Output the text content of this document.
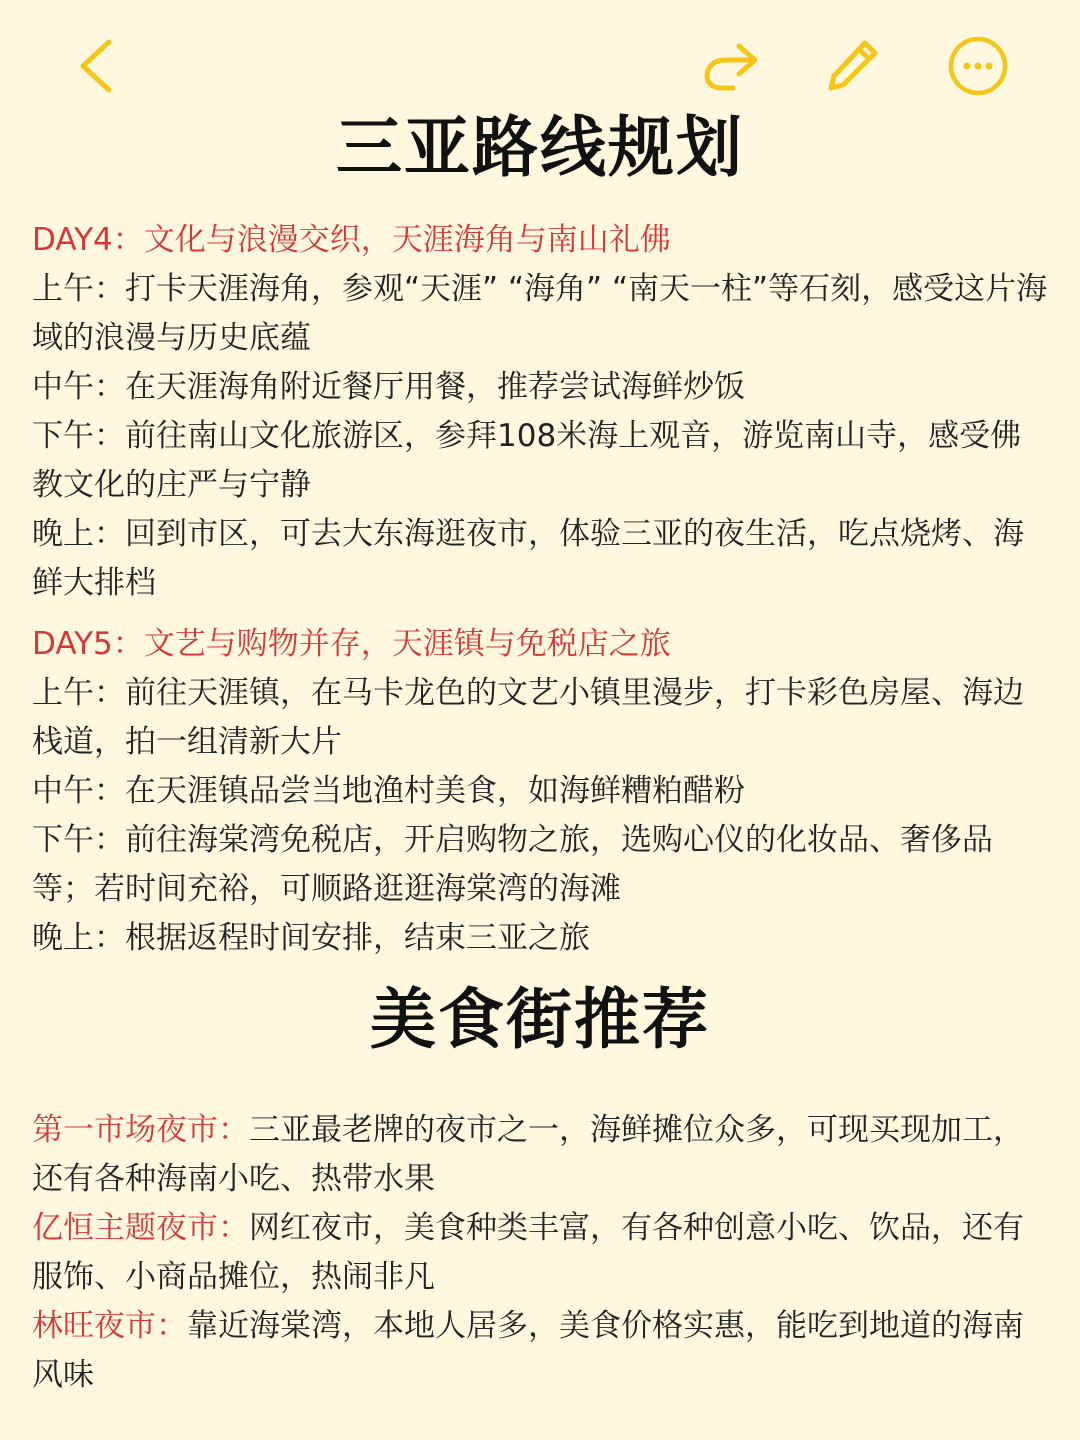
三亚路线规划

DAY4：文化与浪漫交织，天涯海角与南山礼佛

上午：打卡天涯海角，参观“天涯” “海角” “南天一柱”等石刻，感受这片海域的浪漫与历史底蕴

中午：在天涯海角附近餐厅用餐，推荐尝试海鲜炒饭

下午：前往南山文化旅游区，参拜108米海上观音，游览南山寺，感受佛教文化的庄严与宁静

晚上：回到市区，可去大东海逛夜市，体验三亚的夜生活，吃点烧烤、海鲜大排档

DAY5：文艺与购物并存，天涯镇与免税店之旅

上午：前往天涯镇，在马卡龙色的文艺小镇里漫步，打卡彩色房屋、海边栈道，拍一组清新大片

中午：在天涯镇品尝当地渔村美食，如海鲜糟粕醋粉

下午：前往海棠湾免税店，开启购物之旅，选购心仪的化妆品、奢侈品等；若时间充裕，可顺路逛逛海棠湾的海滩

晚上：根据返程时间安排，结束三亚之旅

美食街推荐

第一市场夜市：三亚最老牌的夜市之一，海鲜摊位众多，可现买现加工，还有各种海南小吃、热带水果

亿恒主题夜市：网红夜市，美食种类丰富，有各种创意小吃、饮品，还有服饰、小商品摊位，热闹非凡

林旺夜市：靠近海棠湾，本地人居多，美食价格实惠，能吃到地道的海南风味
